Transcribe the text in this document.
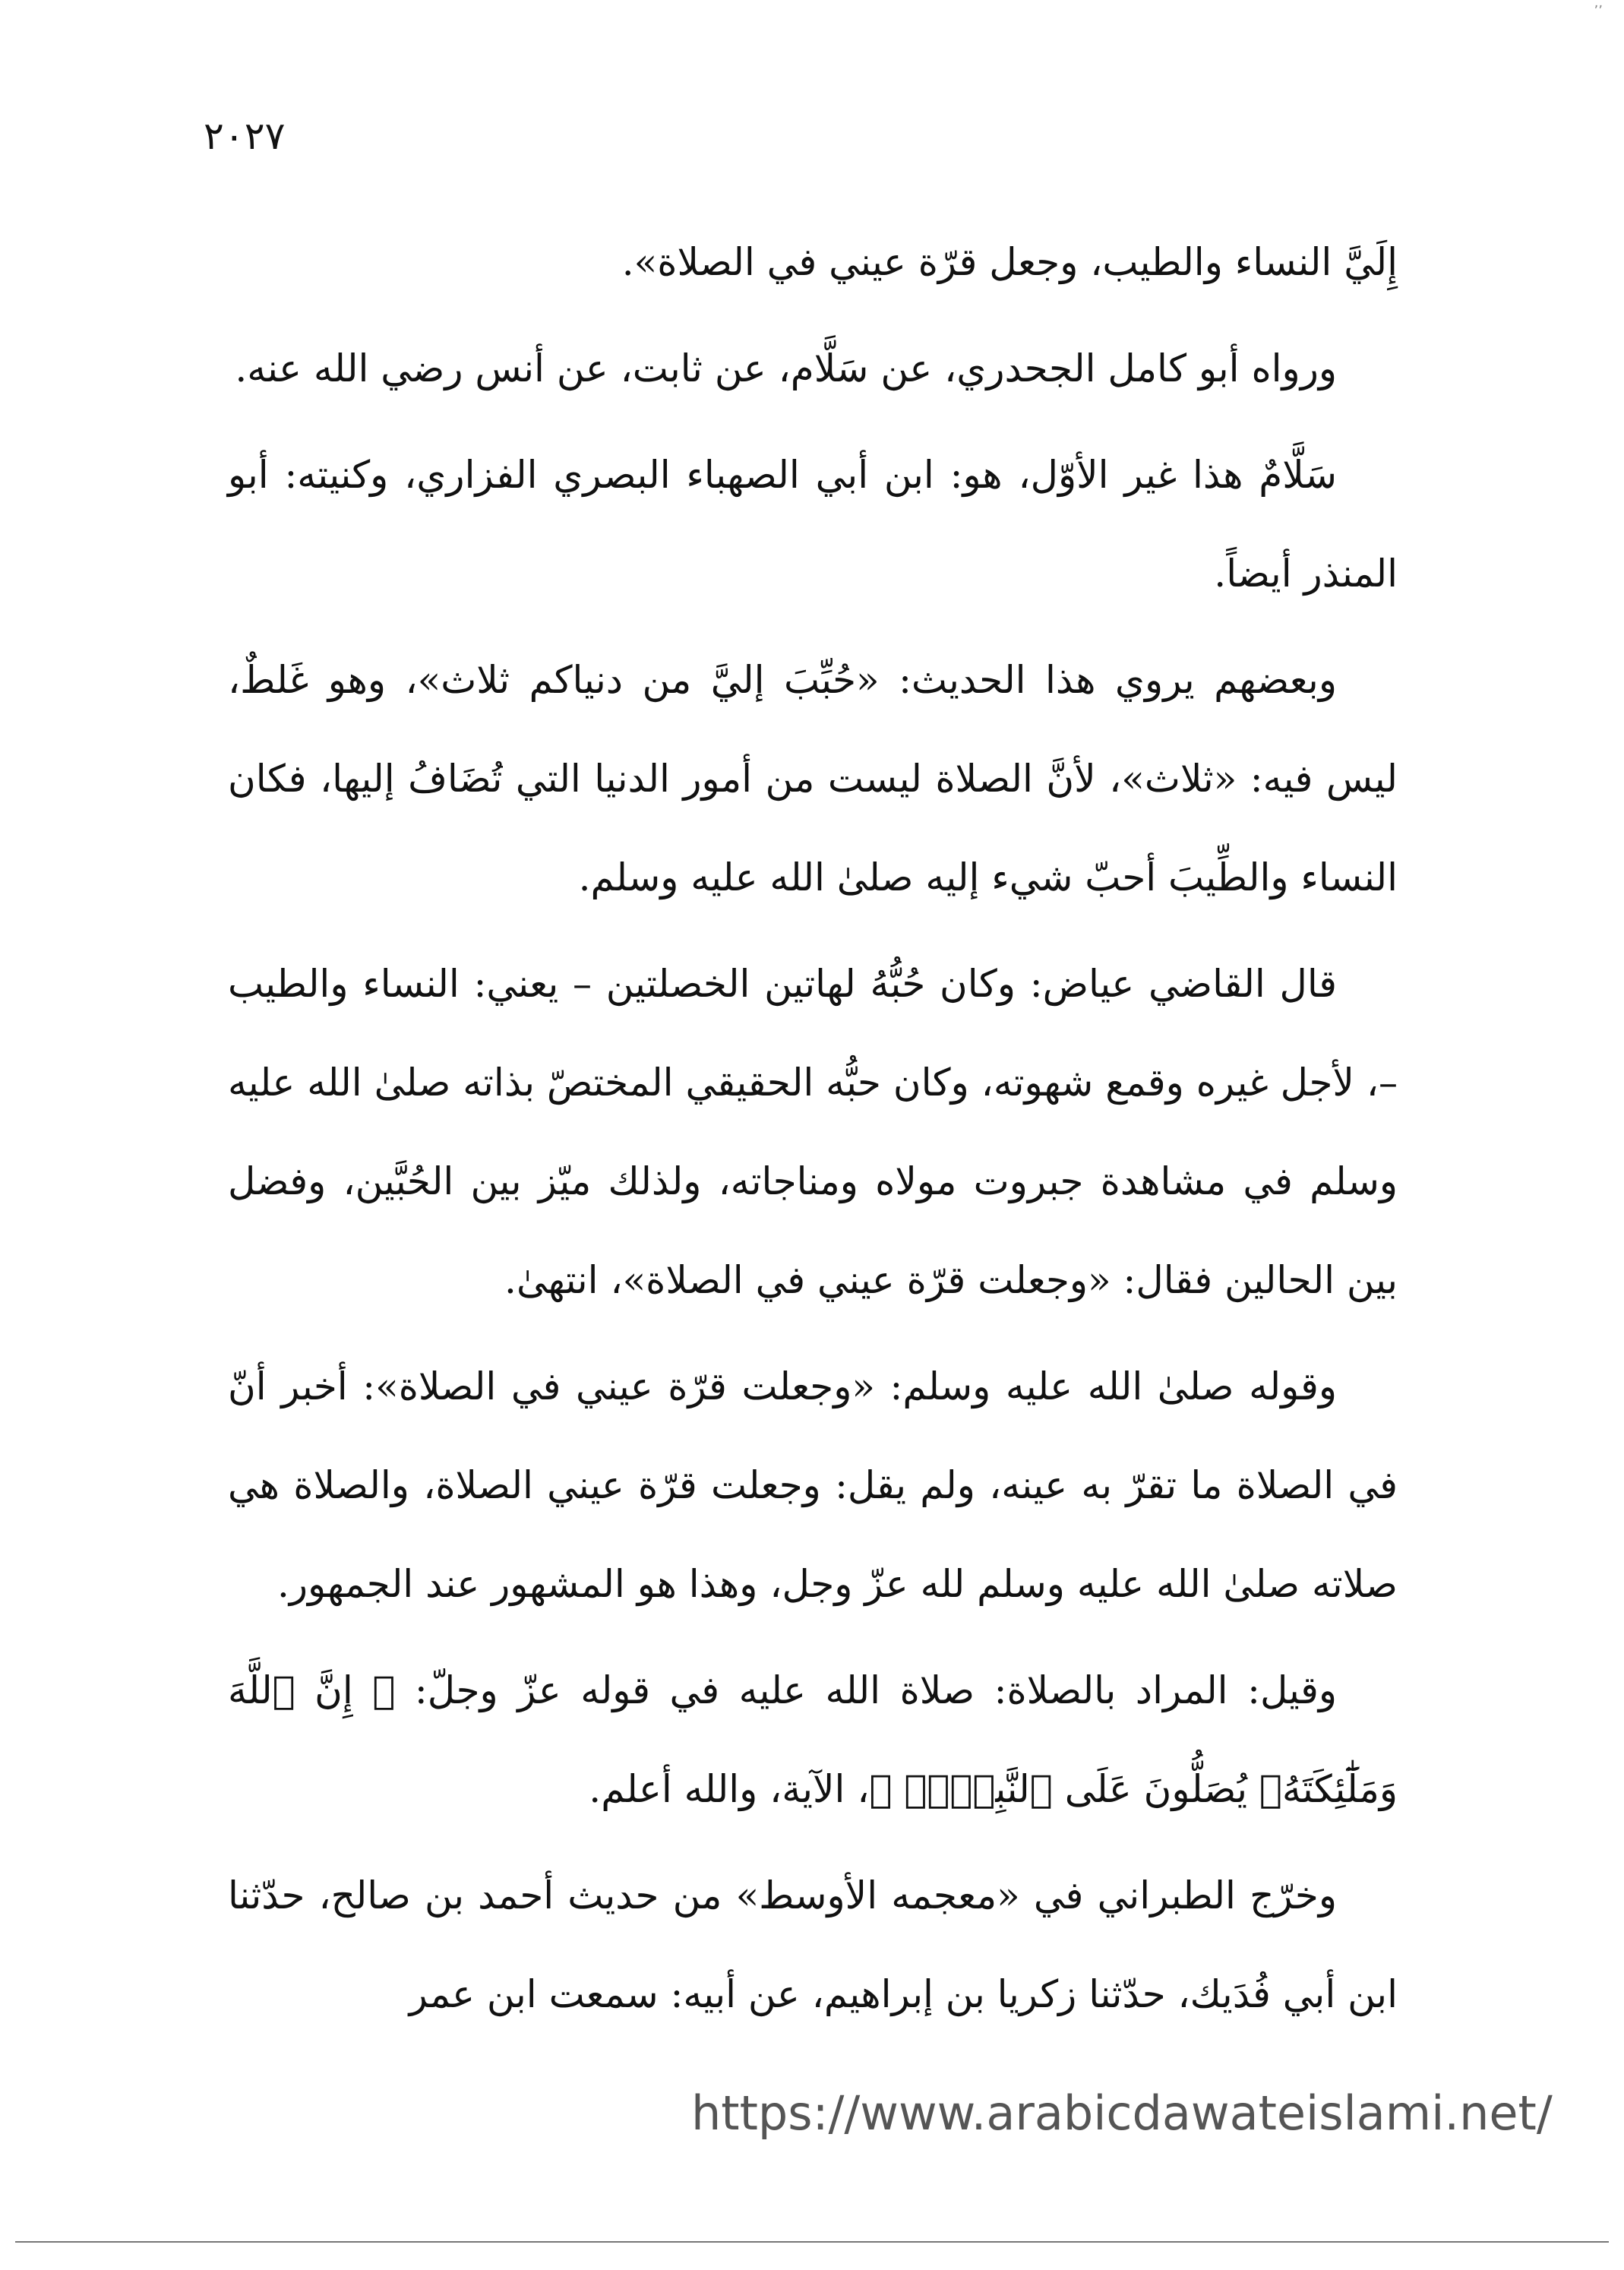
٬٬
٢٠٢٧

إِلَيَّ النساء والطيب، وجعل قرّة عيني في الصلاة».

ورواه أبو كامل الجحدري، عن سَلَّام، عن ثابت، عن أنس رضي الله عنه.

سَلَّامٌ هذا غير الأوّل، هو: ابن أبي الصهباء البصري الفزاري، وكنيته: أبو المنذر أيضاً.

وبعضهم يروي هذا الحديث: «حُبِّبَ إليَّ من دنياكم ثلاث»، وهو غَلطٌ، ليس فيه: «ثلاث»، لأنَّ الصلاة ليست من أمور الدنيا التي تُضَافُ إليها، فكان النساء والطِّيبَ أحبّ شيء إليه صلىٰ الله عليه وسلم.

قال القاضي عياض: وكان حُبُّهُ لهاتين الخصلتين – يعني: النساء والطيب –، لأجل غيره وقمع شهوته، وكان حبُّه الحقيقي المختصّ بذاته صلىٰ الله عليه وسلم في مشاهدة جبروت مولاه ومناجاته، ولذلك ميّز بين الحُبَّين، وفضل بين الحالين فقال: «وجعلت قرّة عيني في الصلاة»، انتهىٰ.

وقوله صلىٰ الله عليه وسلم: «وجعلت قرّة عيني في الصلاة»: أخبر أنّ في الصلاة ما تقرّ به عينه، ولم يقل: وجعلت قرّة عيني الصلاة، والصلاة هي صلاته صلىٰ الله عليه وسلم لله عزّ وجل، وهذا هو المشهور عند الجمهور.

وقيل: المراد بالصلاة: صلاة الله عليه في قوله عزّ وجلّ: ﴿ إِنَّ ٱللَّهَ وَمَلَٰٓئِكَتَهُۥ يُصَلُّونَ عَلَى ٱلنَّبِيِّۚ ﴾، الآية، والله أعلم.

وخرّج الطبراني في «معجمه الأوسط» من حديث أحمد بن صالح، حدّثنا ابن أبي فُدَيك، حدّثنا زكريا بن إبراهيم، عن أبيه: سمعت ابن عمر

https://www.arabicdawateislami.net/
